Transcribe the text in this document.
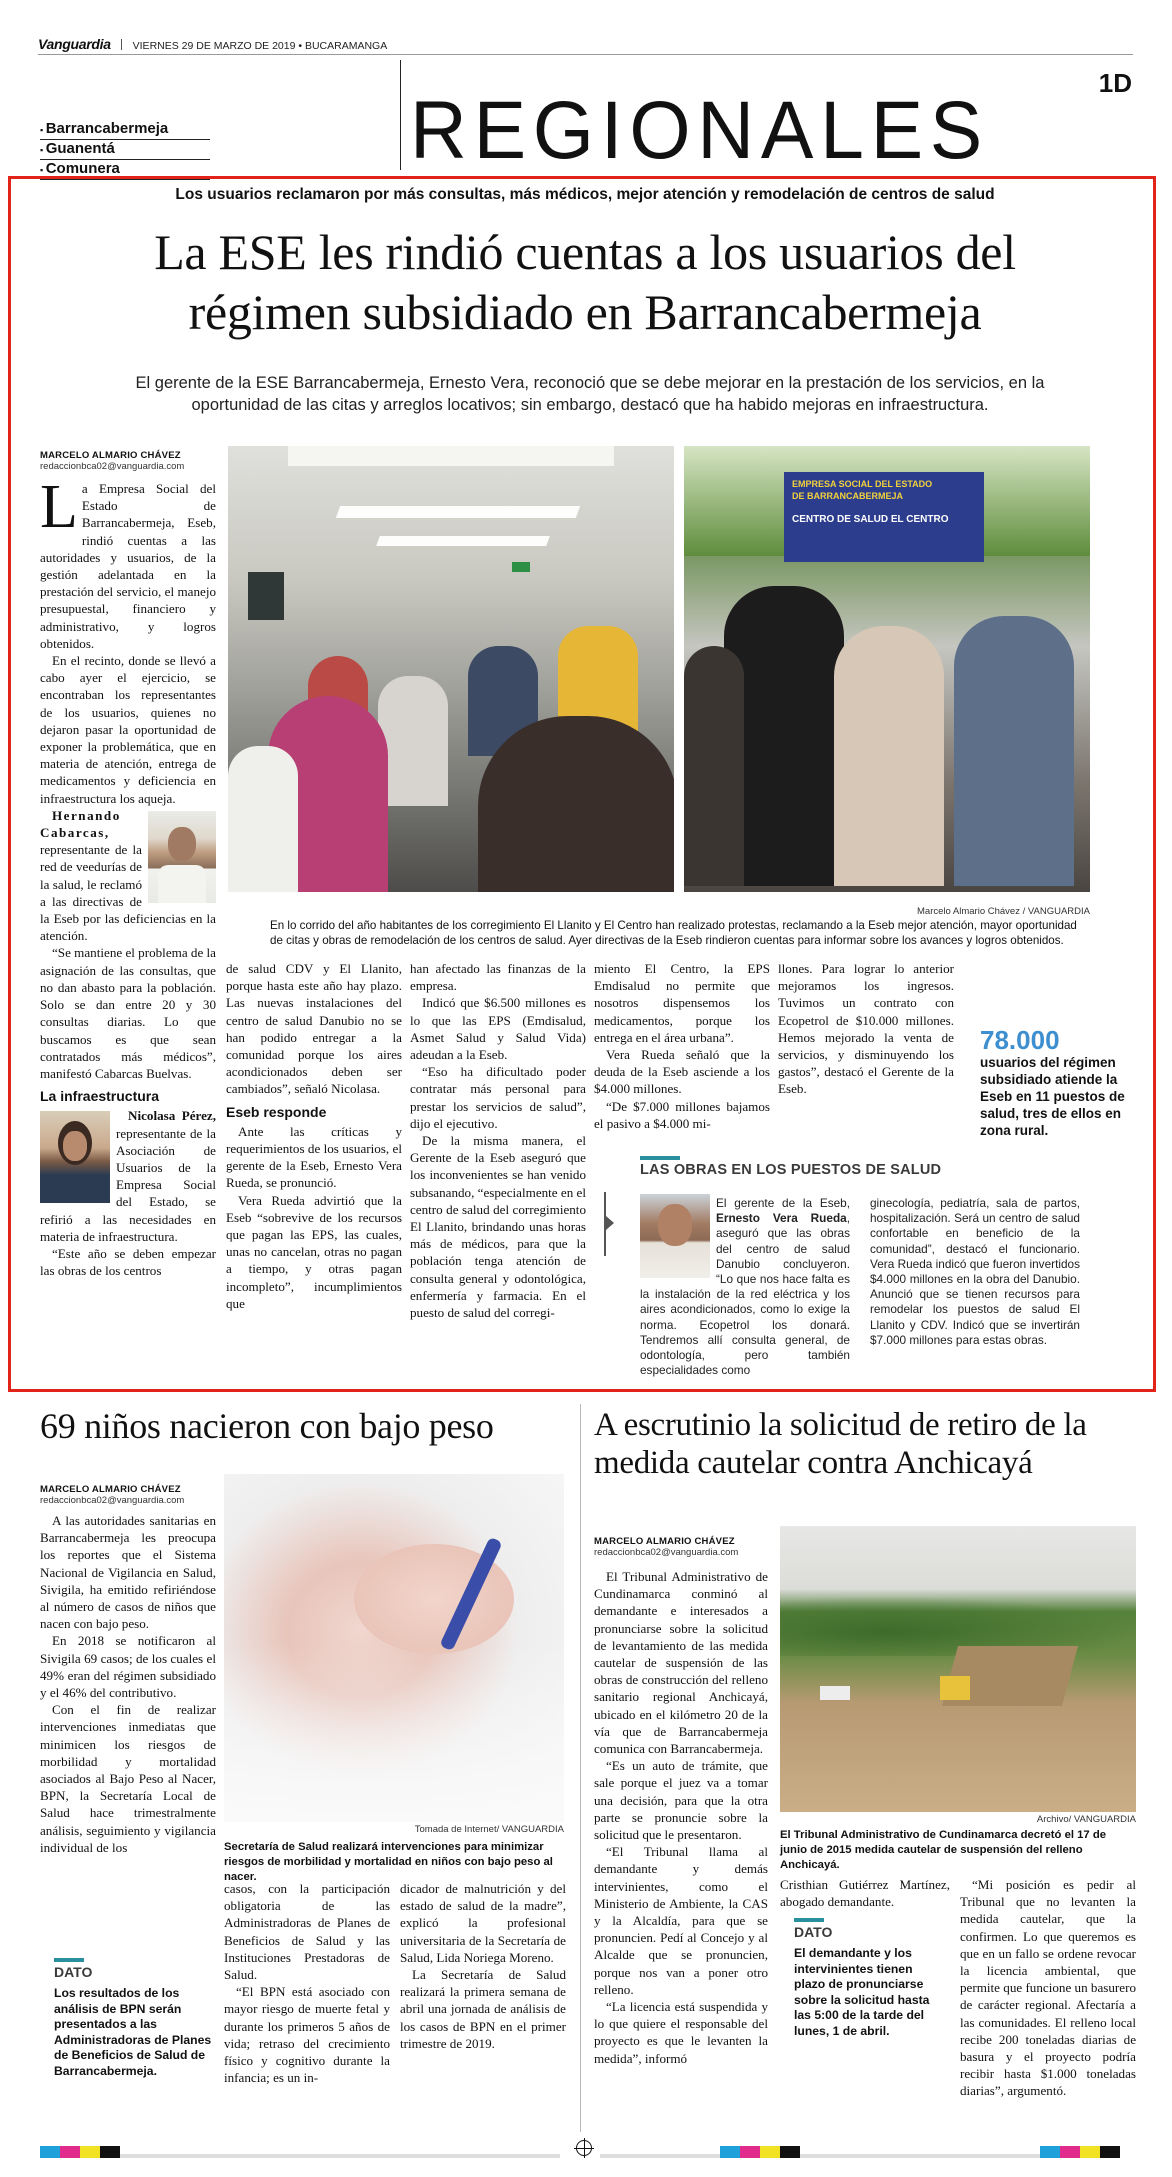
Vanguardia VIERNES 29 DE MARZO DE 2019 • BUCARAMANGA
1D
REGIONALES
▪ Barrancabermeja
▪ Guanentá
▪ Comunera
Los usuarios reclamaron por más consultas, más médicos, mejor atención y remodelación de centros de salud
La ESE les rindió cuentas a los usuarios del régimen subsidiado en Barrancabermeja
El gerente de la ESE Barrancabermeja, Ernesto Vera, reconoció que se debe mejorar en la prestación de los servicios, en la oportunidad de las citas y arreglos locativos; sin embargo, destacó que ha habido mejoras en infraestructura.
MARCELO ALMARIO CHÁVEZ
redaccionbca02@vanguardia.com

La Empresa Social del Estado de Barrancabermeja, Eseb, rindió cuentas a las autoridades y usuarios, de la gestión adelantada en la prestación del servicio, el manejo presupuestal, financiero y administrativo, y logros obtenidos.

En el recinto, donde se llevó a cabo ayer el ejercicio, se encontraban los representantes de los usuarios, quienes no dejaron pasar la oportunidad de exponer la problemática, que en materia de atención, entrega de medicamentos y deficiencia en infraestructura los aqueja.

Hernando Cabarcas, representante de la red de veedurías de la salud, le reclamó a las directivas de la Eseb por las deficiencias en la atención.

“Se mantiene el problema de la asignación de las consultas, que no dan abasto para la población. Solo se dan entre 20 y 30 consultas diarias. Lo que buscamos es que sean contratados más médicos”, manifestó Cabarcas Buelvas.

La infraestructura

Nicolasa Pérez, representante de la Asociación de Usuarios de la Empresa Social del Estado, se refirió a las necesidades en materia de infraestructura.

“Este año se deben empezar las obras de los centros

EMPRESA SOCIAL DEL ESTADO
DE BARRANCABERMEJA
CENTRO DE SALUD EL CENTRO
Marcelo Almario Chávez / VANGUARDIA
En lo corrido del año habitantes de los corregimiento El Llanito y El Centro han realizado protestas, reclamando a la Eseb mejor atención, mayor oportunidad de citas y obras de remodelación de los centros de salud. Ayer directivas de la Eseb rindieron cuentas para informar sobre los avances y logros obtenidos.

de salud CDV y El Llanito, porque hasta este año hay plazo. Las nuevas instalaciones del centro de salud Danubio no se han podido entregar a la comunidad porque los aires acondicionados deben ser cambiados”, señaló Nicolasa.

Eseb responde

Ante las críticas y requerimientos de los usuarios, el gerente de la Eseb, Ernesto Vera Rueda, se pronunció.

Vera Rueda advirtió que la Eseb “sobrevive de los recursos que pagan las EPS, las cuales, unas no cancelan, otras no pagan a tiempo, y otras pagan incompleto”, incumplimientos que

han afectado las finanzas de la empresa.

Indicó que $6.500 millones es lo que las EPS (Emdisalud, Asmet Salud y Salud Vida) adeudan a la Eseb.

“Eso ha dificultado poder contratar más personal para prestar los servicios de salud”, dijo el ejecutivo.

De la misma manera, el Gerente de la Eseb aseguró que los inconvenientes se han venido subsanando, “especialmente en el centro de salud del corregimiento El Llanito, brindando unas horas más de médicos, para que la población tenga atención de consulta general y odontológica, enfermería y farmacia. En el puesto de salud del corregi-

miento El Centro, la EPS Emdisalud no permite que nosotros dispensemos los medicamentos, porque los entrega en el área urbana”.

Vera Rueda señaló que la deuda de la Eseb asciende a los $4.000 millones.

“De $7.000 millones bajamos el pasivo a $4.000 mi-

llones. Para lograr lo anterior mejoramos los ingresos. Tuvimos un contrato con Ecopetrol de $10.000 millones. Hemos mejorado la venta de servicios, y disminuyendo los gastos”, destacó el Gerente de la Eseb.

78.000
usuarios del régimen subsidiado atiende la Eseb en 11 puestos de salud, tres de ellos en zona rural.
LAS OBRAS EN LOS PUESTOS DE SALUD
El gerente de la Eseb, Ernesto Vera Rueda, aseguró que las obras del centro de salud Danubio concluyeron. “Lo que nos hace falta es la instalación de la red eléctrica y los aires acondicionados, como lo exige la norma. Ecopetrol los donará. Tendremos allí consulta general, de odontología, pero también especialidades como
ginecología, pediatría, sala de partos, hospitalización. Será un centro de salud confortable en beneficio de la comunidad”, destacó el funcionario. Vera Rueda indicó que fueron invertidos $4.000 millones en la obra del Danubio. Anunció que se tienen recursos para remodelar los puestos de salud El Llanito y CDV. Indicó que se invertirán $7.000 millones para estas obras.
69 niños nacieron con bajo peso
MARCELO ALMARIO CHÁVEZ
redaccionbca02@vanguardia.com

A las autoridades sanitarias en Barrancabermeja les preocupa los reportes que el Sistema Nacional de Vigilancia en Salud, Sivigila, ha emitido refiriéndose al número de casos de niños que nacen con bajo peso.

En 2018 se notificaron al Sivigila 69 casos; de los cuales el 49% eran del régimen subsidiado y el 46% del contributivo.

Con el fin de realizar intervenciones inmediatas que minimicen los riesgos de morbilidad y mortalidad asociados al Bajo Peso al Nacer, BPN, la Secretaría Local de Salud hace trimestralmente análisis, seguimiento y vigilancia individual de los

Tomada de Internet/ VANGUARDIA
Secretaría de Salud realizará intervenciones para minimizar riesgos de morbilidad y mortalidad en niños con bajo peso al nacer.

casos, con la participación obligatoria de las Administradoras de Planes de Beneficios de Salud y las Instituciones Prestadoras de Salud.

“El BPN está asociado con mayor riesgo de muerte fetal y durante los primeros 5 años de vida; retraso del crecimiento físico y cognitivo durante la infancia; es un in-

dicador de malnutrición y del estado de salud de la madre”, explicó la profesional universitaria de la Secretaría de Salud, Lida Noriega Moreno.

La Secretaría de Salud realizará la primera semana de abril una jornada de análisis de los casos de BPN en el primer trimestre de 2019.

DATO
Los resultados de los análisis de BPN serán presentados a las Administradoras de Planes de Beneficios de Salud de Barrancabermeja.
A escrutinio la solicitud de retiro de la medida cautelar contra Anchicayá
MARCELO ALMARIO CHÁVEZ
redaccionbca02@vanguardia.com

El Tribunal Administrativo de Cundinamarca conminó al demandante e interesados a pronunciarse sobre la solicitud de levantamiento de las medida cautelar de suspensión de las obras de construcción del relleno sanitario regional Anchicayá, ubicado en el kilómetro 20 de la vía que de Barrancabermeja comunica con Barrancabermeja.

“Es un auto de trámite, que sale porque el juez va a tomar una decisión, para que la otra parte se pronuncie sobre la solicitud que le presentaron.

“El Tribunal llama al demandante y demás intervinientes, como el Ministerio de Ambiente, la CAS y la Alcaldía, para que se pronuncien. Pedí al Concejo y al Alcalde que se pronuncien, porque nos van a poner otro relleno.

“La licencia está suspendida y lo que quiere el responsable del proyecto es que le levanten la medida”, informó

Archivo/ VANGUARDIA
El Tribunal Administrativo de Cundinamarca decretó el 17 de junio de 2015 medida cautelar de suspensión del relleno Anchicayá.

Cristhian Gutiérrez Martínez, abogado demandante.

“Mi posición es pedir al Tribunal que no levanten la medida cautelar, que la confirmen. Lo que queremos es que en un fallo se ordene revocar la licencia ambiental, que permite que funcione un basurero de carácter regional. Afectaría a las comunidades. El relleno local recibe 200 toneladas diarias de basura y el proyecto podría recibir hasta $1.000 toneladas diarias”, argumentó.

DATO
El demandante y los intervinientes tienen plazo de pronunciarse sobre la solicitud hasta las 5:00 de la tarde del lunes, 1 de abril.
